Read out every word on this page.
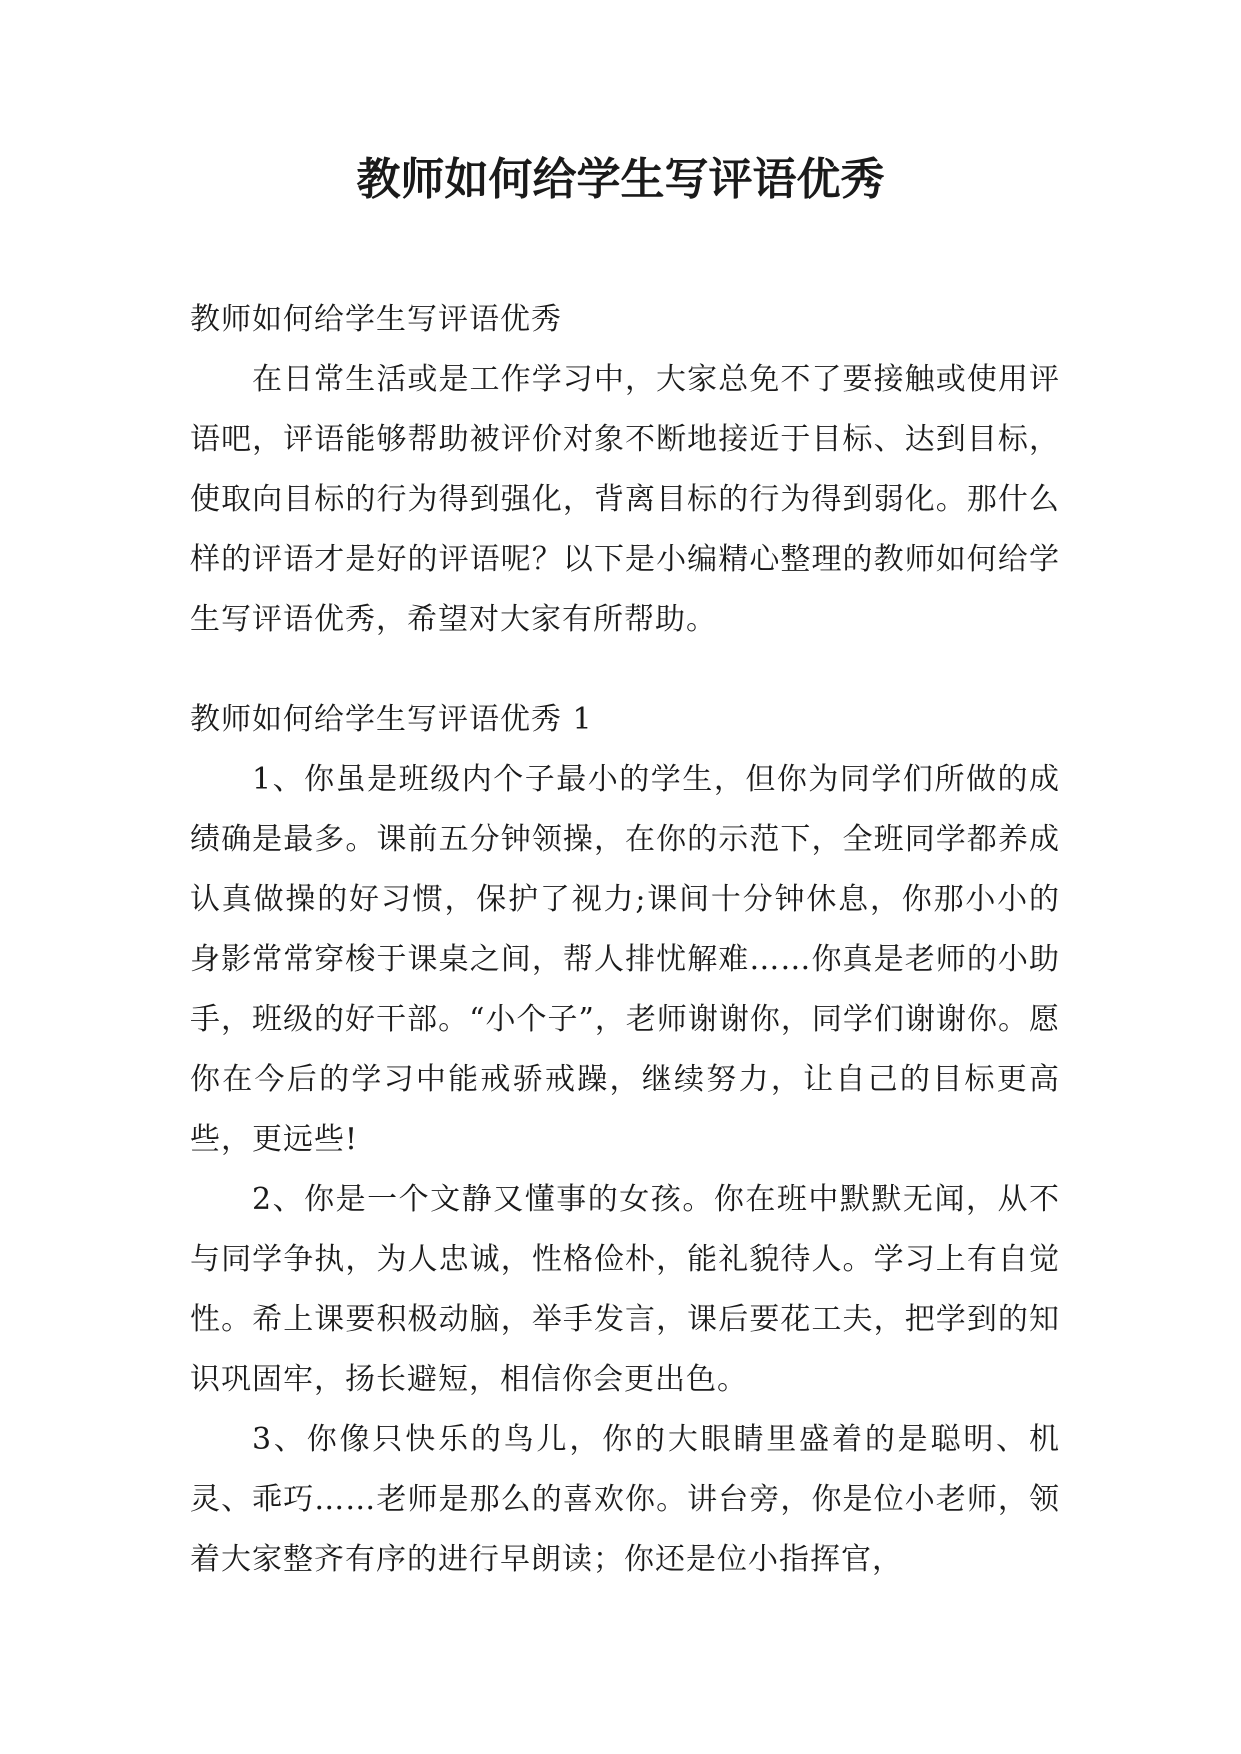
教师如何给学生写评语优秀

教师如何给学生写评语优秀

在日常生活或是工作学习中，大家总免不了要接触或使用评语吧，评语能够帮助被评价对象不断地接近于目标、达到目标，使取向目标的行为得到强化，背离目标的行为得到弱化。那什么样的评语才是好的评语呢？以下是小编精心整理的教师如何给学生写评语优秀，希望对大家有所帮助。

教师如何给学生写评语优秀 1

1、你虽是班级内个子最小的学生，但你为同学们所做的成绩确是最多。课前五分钟领操，在你的示范下，全班同学都养成认真做操的好习惯，保护了视力;课间十分钟休息，你那小小的身影常常穿梭于课桌之间，帮人排忧解难……你真是老师的小助手，班级的好干部。“小个子”，老师谢谢你，同学们谢谢你。愿你在今后的学习中能戒骄戒躁，继续努力，让自己的目标更高些，更远些!

2、你是一个文静又懂事的女孩。你在班中默默无闻，从不与同学争执，为人忠诚，性格俭朴，能礼貌待人。学习上有自觉性。希上课要积极动脑，举手发言，课后要花工夫，把学到的知识巩固牢，扬长避短，相信你会更出色。

3、你像只快乐的鸟儿，你的大眼睛里盛着的是聪明、机灵、乖巧……老师是那么的喜欢你。讲台旁，你是位小老师，领着大家整齐有序的进行早朗读；你还是位小指挥官，
